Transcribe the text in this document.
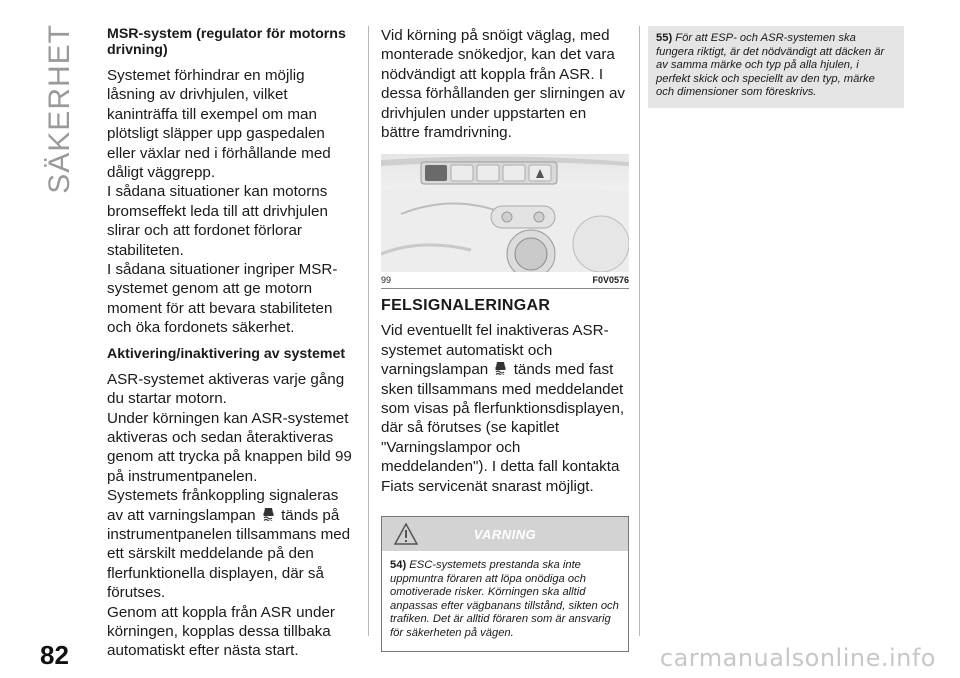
SÄKERHET MSR-system (regulator för motorns drivning)

Systemet förhindrar en möjlig låsning av drivhjulen, vilket kaninträffa till exempel om man plötsligt släpper upp gaspedalen eller växlar ned i förhållande med dåligt väggrepp.

I sådana situationer kan motorns bromseffekt leda till att drivhjulen slirar och att fordonet förlorar stabiliteten.

I sådana situationer ingriper MSR-systemet genom att ge motorn moment för att bevara stabiliteten och öka fordonets säkerhet.

Aktivering/inaktivering av systemet

ASR-systemet aktiveras varje gång du startar motorn.

Under körningen kan ASR-systemet aktiveras och sedan återaktiveras genom att trycka på knappen bild 99 på instrumentpanelen.

Systemets frånkoppling signaleras av att varningslampan tänds på instrumentpanelen tillsammans med ett särskilt meddelande på den flerfunktionella displayen, där så förutses.

Genom att koppla från ASR under körningen, kopplas dessa tillbaka automatiskt efter nästa start.

Vid körning på snöigt väglag, med monterade snökedjor, kan det vara nödvändigt att koppla från ASR. I dessa förhållanden ger slirningen av drivhjulen under uppstarten en bättre framdrivning.

99	F0V0576
FELSIGNALERINGAR

Vid eventuellt fel inaktiveras ASR-systemet automatiskt och varningslampan tänds med fast sken tillsammans med meddelandet som visas på flerfunktionsdisplayen, där så förutses (se kapitlet "Varningslampor och meddelanden"). I detta fall kontakta Fiats servicenät snarast möjligt.

VARNING
54) ESC-systemets prestanda ska inte uppmuntra föraren att löpa onödiga och omotiverade risker. Körningen ska alltid anpassas efter vägbanans tillstånd, sikten och trafiken. Det är alltid föraren som är ansvarig för säkerheten på vägen.
55) För att ESP- och ASR-systemen ska fungera riktigt, är det nödvändigt att däcken är av samma märke och typ på alla hjulen, i perfekt skick och speciellt av den typ, märke och dimensioner som föreskrivs.
82	carmanualsonline.info
